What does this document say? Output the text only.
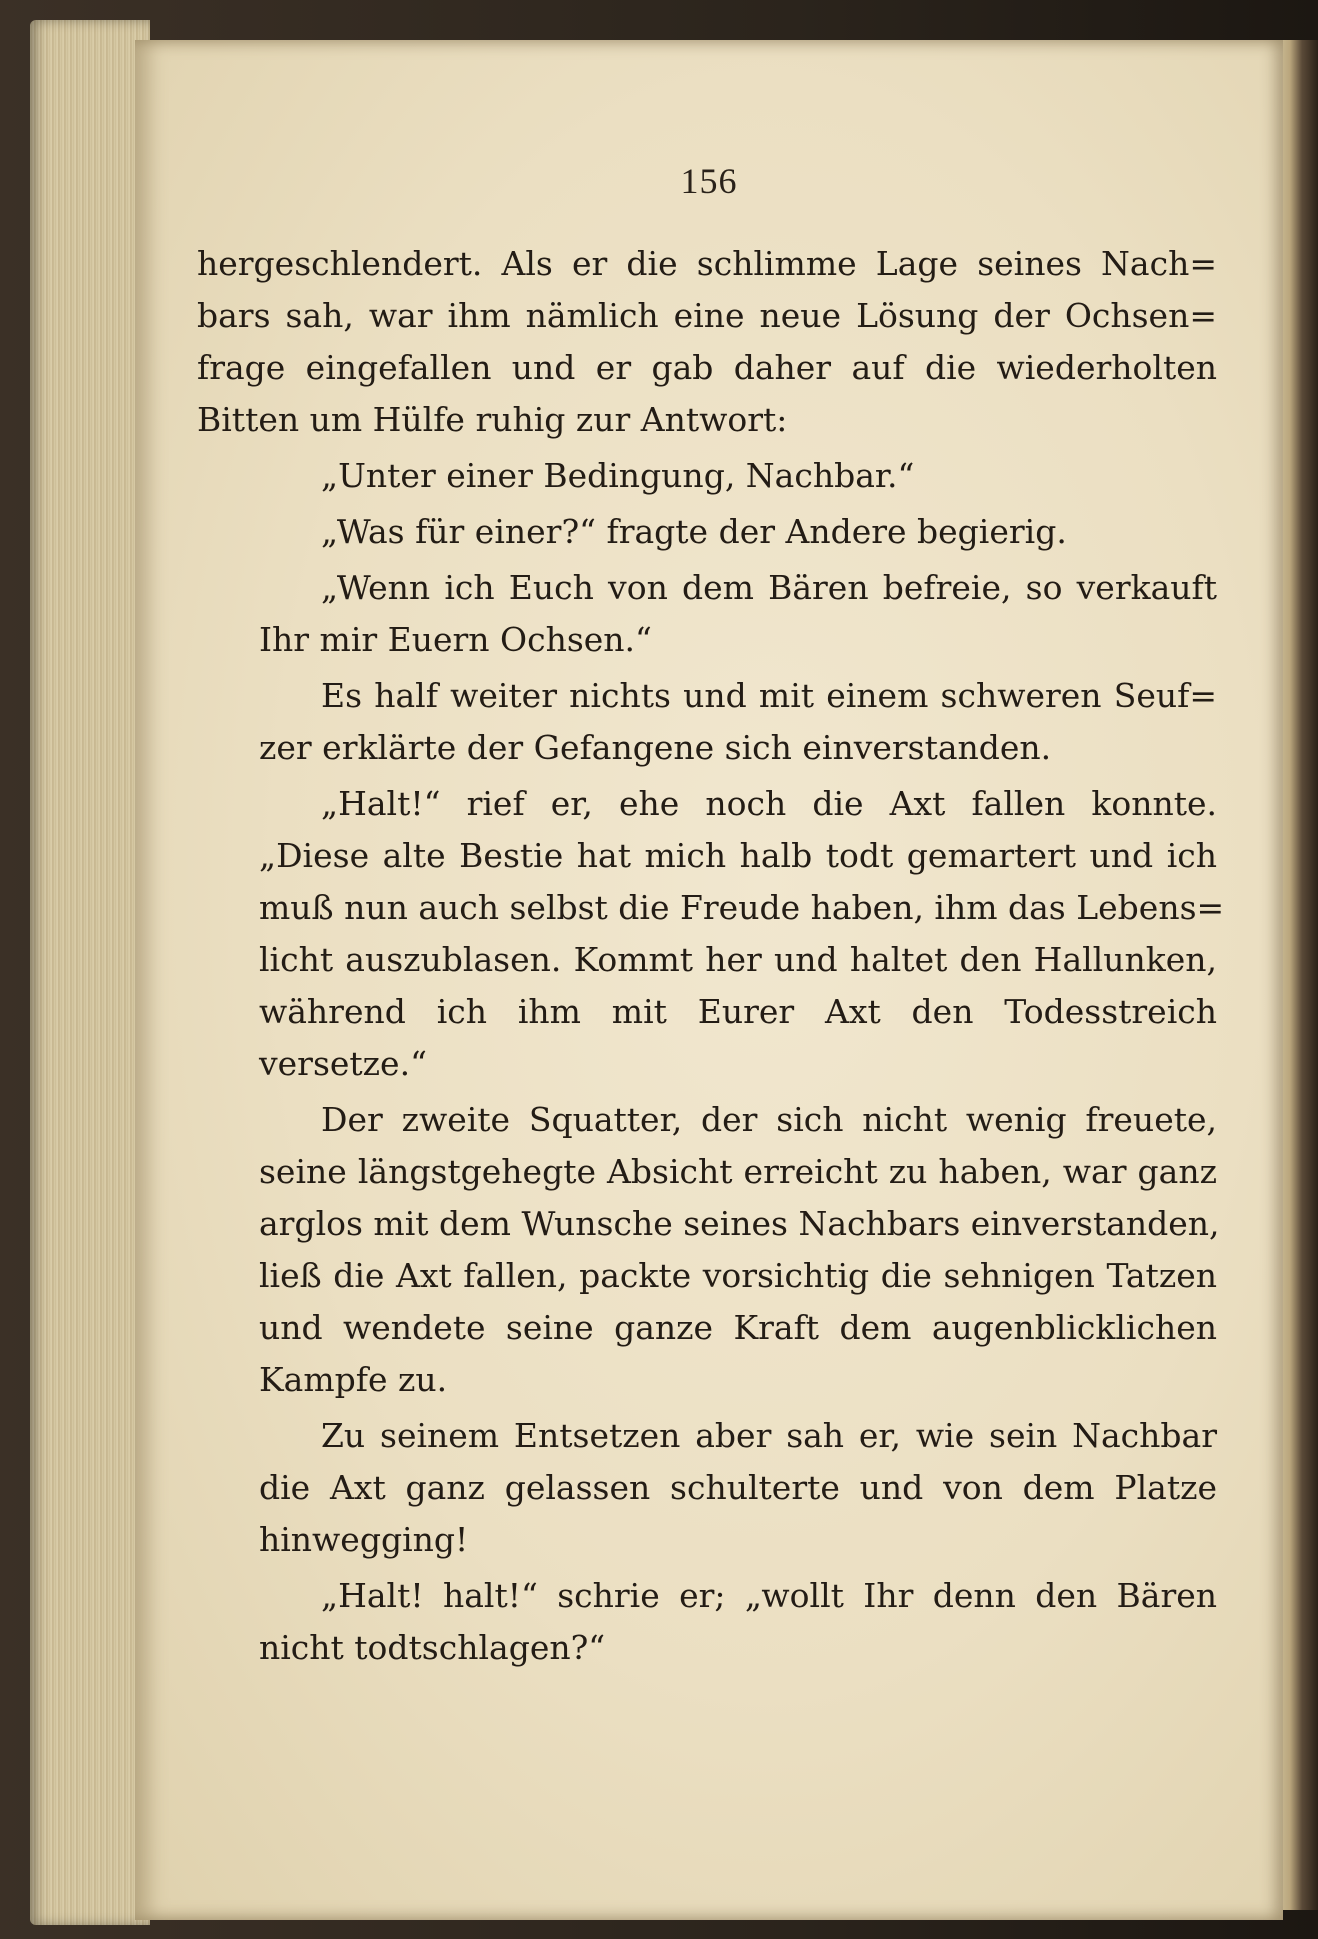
156
hergeschlendert. Als er die schlimme Lage seines Nach=
bars sah, war ihm nämlich eine neue Lösung der Ochsen=
frage eingefallen und er gab daher auf die wiederholten
Bitten um Hülfe ruhig zur Antwort:
„Unter einer Bedingung, Nachbar.“
„Was für einer?“ fragte der Andere begierig.
„Wenn ich Euch von dem Bären befreie, so verkauft
Ihr mir Euern Ochsen.“
Es half weiter nichts und mit einem schweren Seuf=
zer erklärte der Gefangene sich einverstanden.
„Halt!“ rief er, ehe noch die Axt fallen konnte.
„Diese alte Bestie hat mich halb todt gemartert und ich
muß nun auch selbst die Freude haben, ihm das Lebens=
licht auszublasen. Kommt her und haltet den Hallunken,
während ich ihm mit Eurer Axt den Todesstreich
versetze.“
Der zweite Squatter, der sich nicht wenig freuete,
seine längstgehegte Absicht erreicht zu haben, war ganz
arglos mit dem Wunsche seines Nachbars einverstanden,
ließ die Axt fallen, packte vorsichtig die sehnigen Tatzen
und wendete seine ganze Kraft dem augenblicklichen
Kampfe zu.
Zu seinem Entsetzen aber sah er, wie sein Nachbar
die Axt ganz gelassen schulterte und von dem Platze
hinwegging!
„Halt! halt!“ schrie er; „wollt Ihr denn den Bären
nicht todtschlagen?“
